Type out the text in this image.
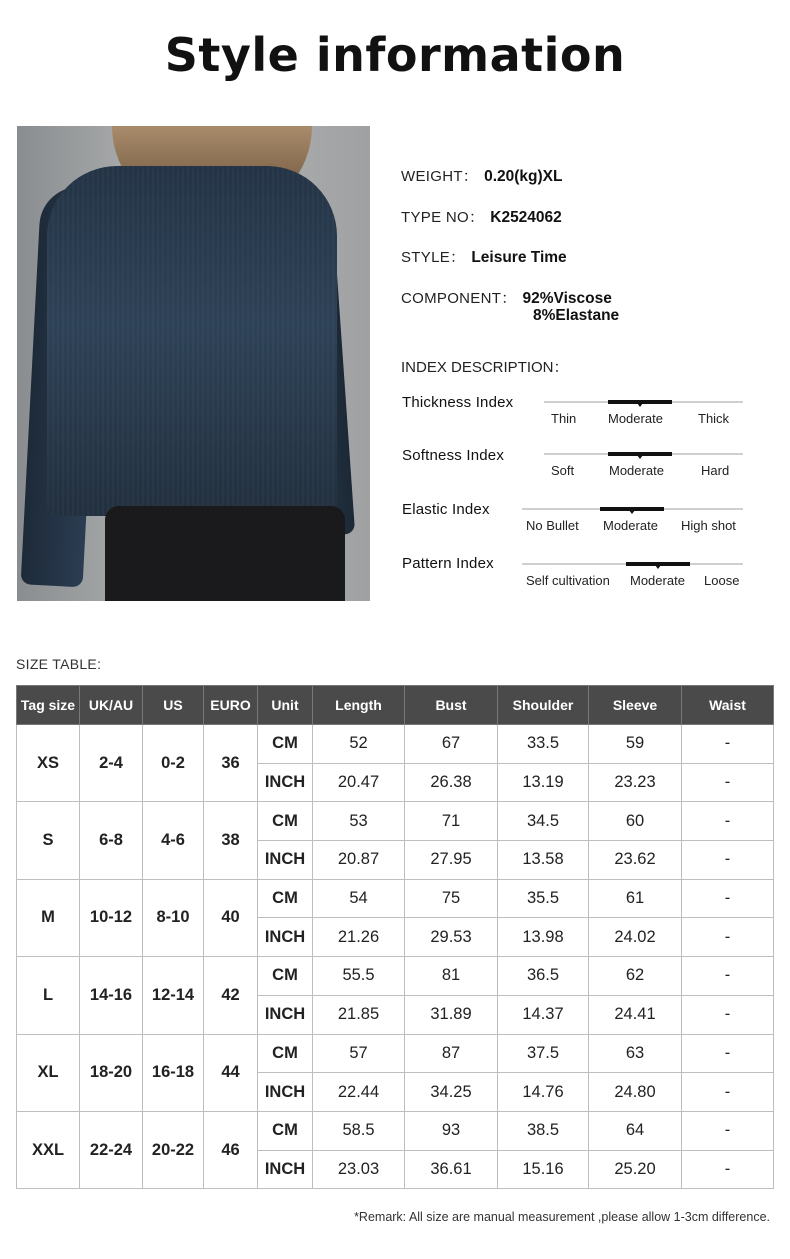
Style information
WEIGHT： 0.20(kg)XL
TYPE NO： K2524062
STYLE： Leisure Time
COMPONENT： 92%Viscose
8%Elastane
INDEX DESCRIPTION：
Thickness Index
Thin Moderate	Thick
Softness Index
Soft	Moderate	Hard
Elastic Index
No Bullet Moderate High shot
Pattern Index
Self cultivation Moderate Loose
SIZE TABLE:
Tag size	UK/AU	US	EURO	Unit	Length	Bust	Shoulder	Sleeve	Waist
XS	2-4	0-2	36	CM	52	67	33.5	59	-
				INCH	20.47	26.38	13.19	23.23	-
S	6-8	4-6	38	CM	53	71	34.5	60	-
				INCH	20.87	27.95	13.58	23.62	-
M	10-12	8-10	40	CM	54	75	35.5	61	-
				INCH	21.26	29.53	13.98	24.02	-
L	14-16	12-14	42	CM	55.5	81	36.5	62	-
				INCH	21.85	31.89	14.37	24.41	-
XL	18-20	16-18	44	CM	57	87	37.5	63	-
				INCH	22.44	34.25	14.76	24.80	-
XXL	22-24	20-22	46	CM	58.5	93	38.5	64	-
				INCH	23.03	36.61	15.16	25.20	-
*Remark: All size are manual measurement ,please allow 1-3cm difference.
